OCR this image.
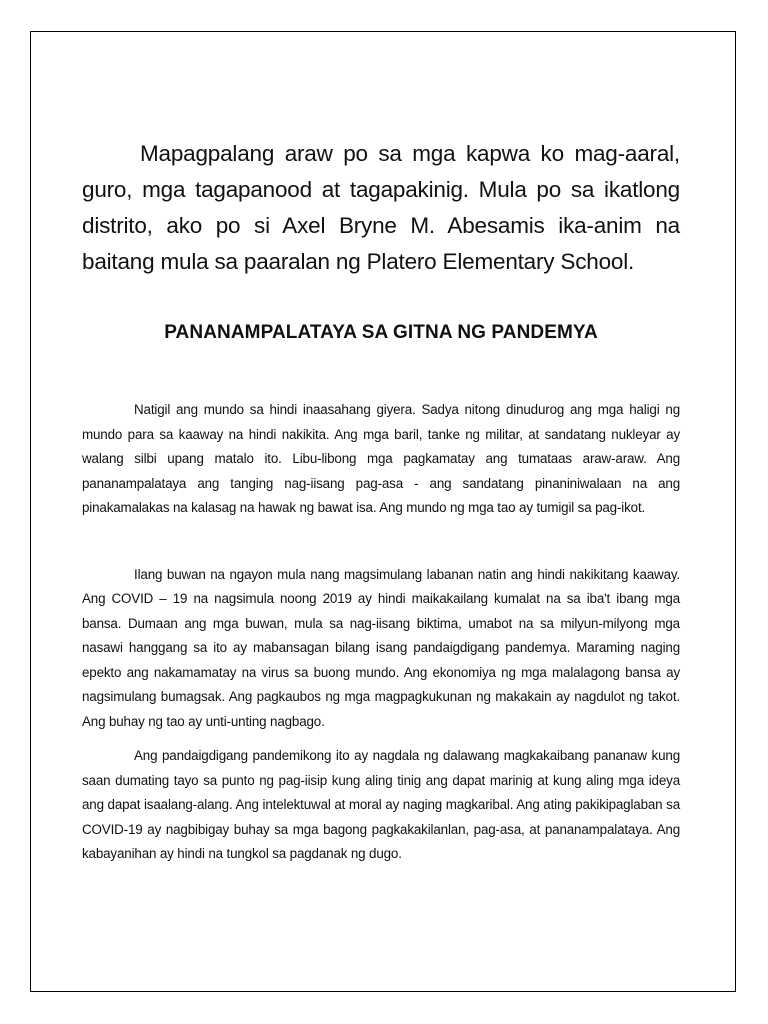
Mapagpalang araw po sa mga kapwa ko mag-aaral, guro, mga tagapanood at tagapakinig. Mula po sa ikatlong distrito, ako po si Axel Bryne M. Abesamis ika-anim na baitang mula sa paaralan ng Platero Elementary School.

PANANAMPALATAYA SA GITNA NG PANDEMYA

Natigil ang mundo sa hindi inaasahang giyera. Sadya nitong dinudurog ang mga haligi ng mundo para sa kaaway na hindi nakikita. Ang mga baril, tanke ng militar, at sandatang nukleyar ay walang silbi upang matalo ito. Libu-libong mga pagkamatay ang tumataas araw-araw. Ang pananampalataya ang tanging nag-iisang pag-asa - ang sandatang pinaniniwalaan na ang pinakamalakas na kalasag na hawak ng bawat isa. Ang mundo ng mga tao ay tumigil sa pag-ikot.

Ilang buwan na ngayon mula nang magsimulang labanan natin ang hindi nakikitang kaaway. Ang COVID – 19 na nagsimula noong 2019 ay hindi maikakailang kumalat na sa iba't ibang mga bansa. Dumaan ang mga buwan, mula sa nag-iisang biktima, umabot na sa milyun-milyong mga nasawi hanggang sa ito ay mabansagan bilang isang pandaigdigang pandemya. Maraming naging epekto ang nakamamatay na virus sa buong mundo. Ang ekonomiya ng mga malalagong bansa ay nagsimulang bumagsak. Ang pagkaubos ng mga magpagkukunan ng makakain ay nagdulot ng takot. Ang buhay ng tao ay unti-unting nagbago.

Ang pandaigdigang pandemikong ito ay nagdala ng dalawang magkakaibang pananaw kung saan dumating tayo sa punto ng pag-iisip kung aling tinig ang dapat marinig at kung aling mga ideya ang dapat isaalang-alang. Ang intelektuwal at moral ay naging magkaribal. Ang ating pakikipaglaban sa COVID-19 ay nagbibigay buhay sa mga bagong pagkakakilanlan, pag-asa, at pananampalataya. Ang kabayanihan ay hindi na tungkol sa pagdanak ng dugo.
